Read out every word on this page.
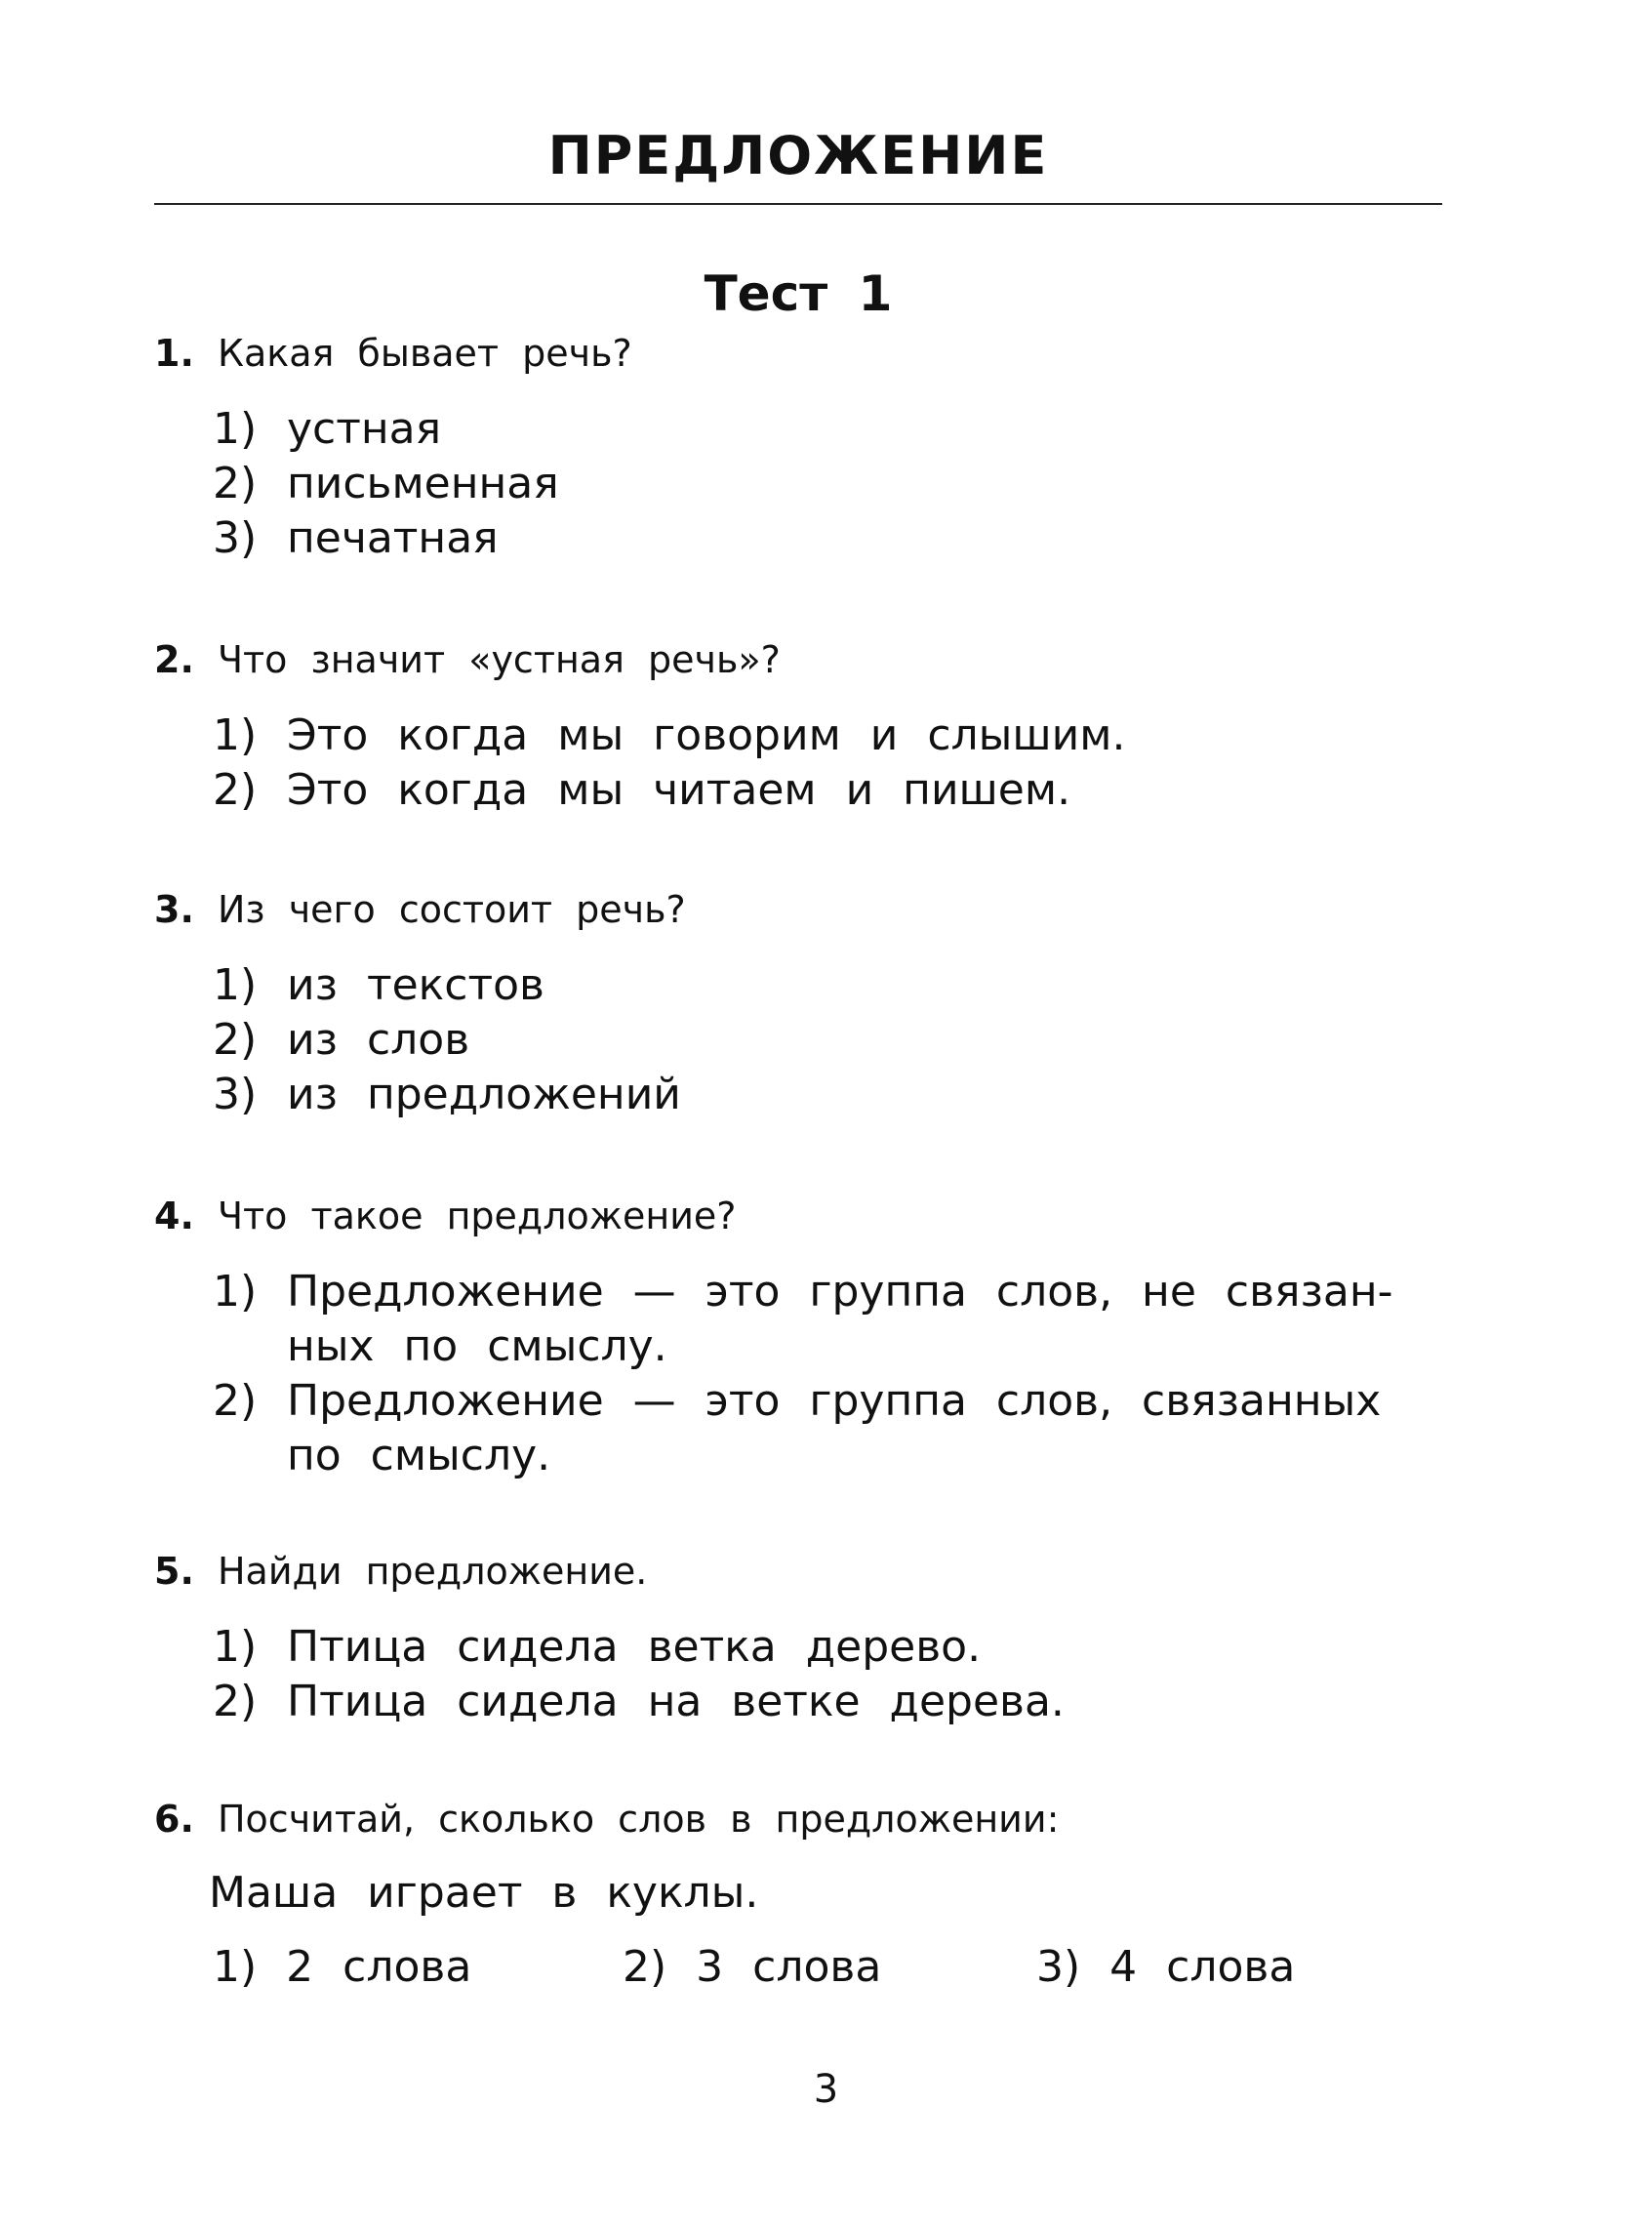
ПРЕДЛОЖЕНИЕ
Тест 1
1. Какая бывает речь?
1) устная
2) письменная
3) печатная
2. Что значит «устная речь»?
1) Это когда мы говорим и слышим.
2) Это когда мы читаем и пишем.
3. Из чего состоит речь?
1) из текстов
2) из слов
3) из предложений
4. Что такое предложение?
1) Предложение — это группа слов, не связан-
ных по смыслу.
2) Предложение — это группа слов, связанных
по смыслу.
5. Найди предложение.
1) Птица сидела ветка дерево.
2) Птица сидела на ветке дерева.
6. Посчитай, сколько слов в предложении:
Маша играет в куклы.
1) 2 слова	2) 3 слова	3) 4 слова
3
